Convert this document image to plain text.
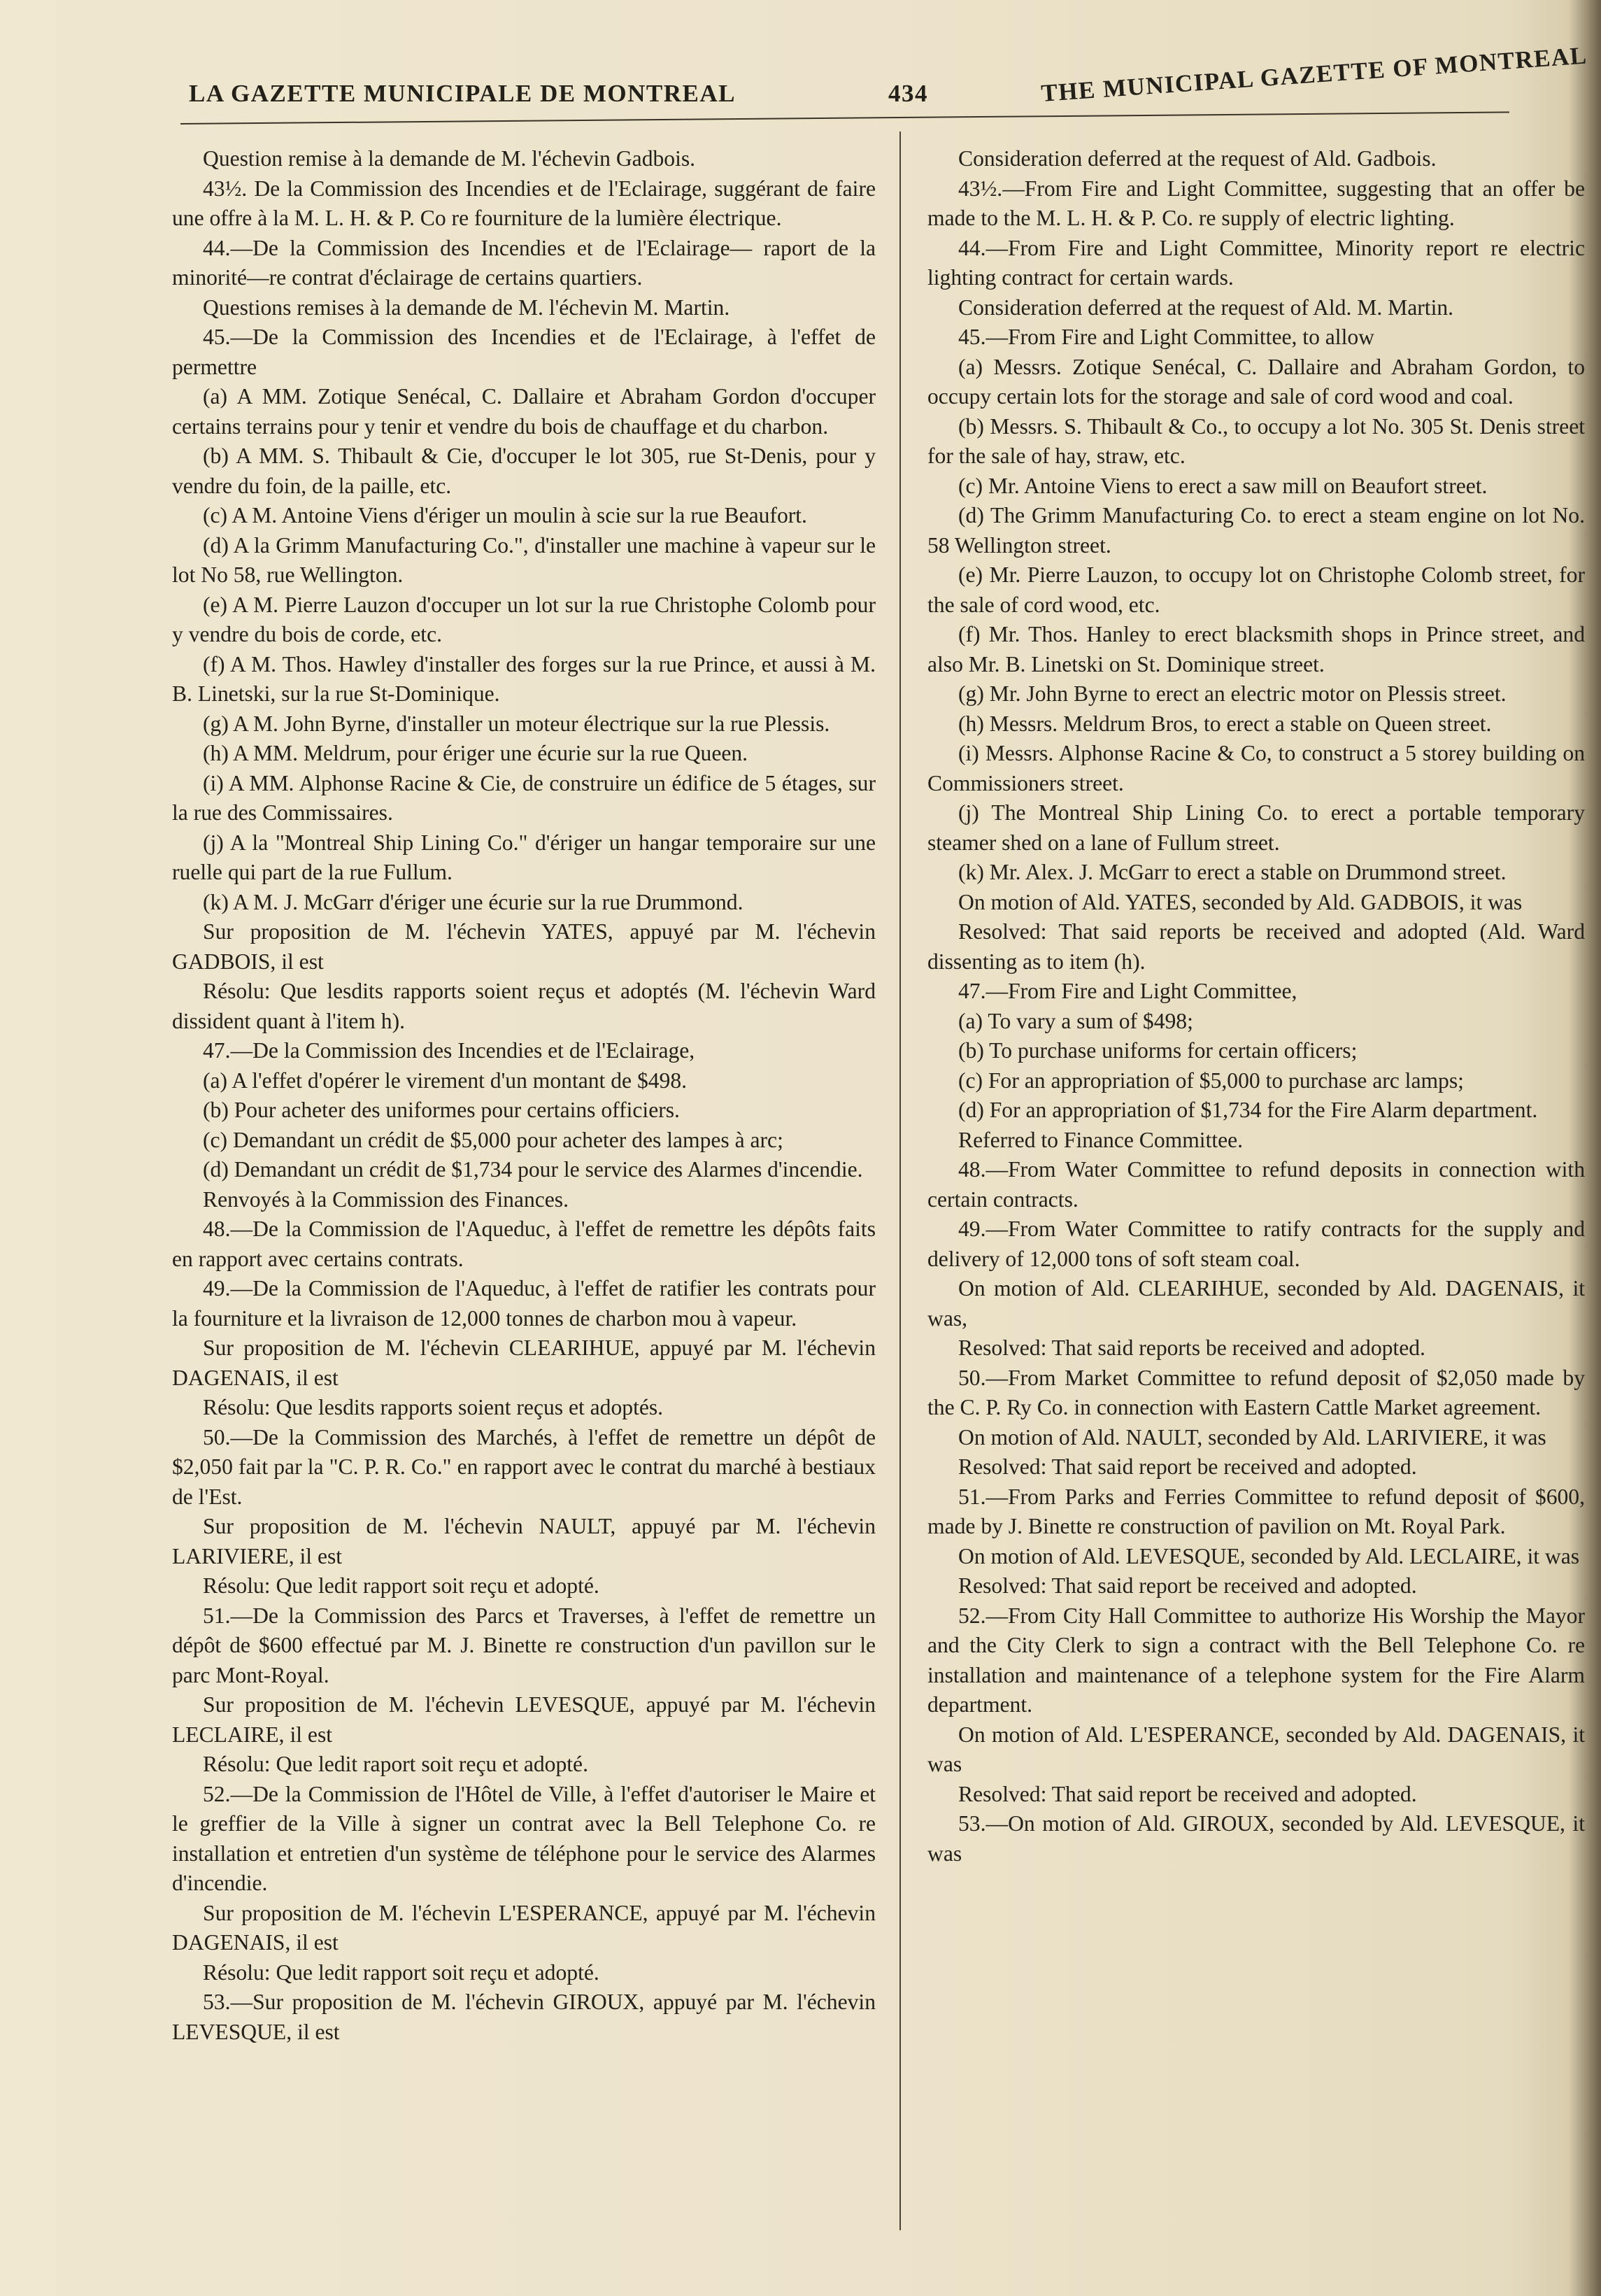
LA GAZETTE MUNICIPALE DE MONTREAL	434	THE MUNICIPAL GAZETTE OF MONTREAL

Question remise à la demande de M. l'échevin Gadbois.

43½. De la Commission des Incendies et de l'Eclairage, suggérant de faire une offre à la M. L. H. & P. Co re fourniture de la lumière électrique.

44.—De la Commission des Incendies et de l'Eclairage— raport de la minorité—re contrat d'éclairage de certains quartiers.

Questions remises à la demande de M. l'échevin M. Martin.

45.—De la Commission des Incendies et de l'Eclairage, à l'effet de permettre

(a) A MM. Zotique Senécal, C. Dallaire et Abraham Gordon d'occuper certains terrains pour y tenir et vendre du bois de chauffage et du charbon.

(b) A MM. S. Thibault & Cie, d'occuper le lot 305, rue St-Denis, pour y vendre du foin, de la paille, etc.

(c) A M. Antoine Viens d'ériger un moulin à scie sur la rue Beaufort.

(d) A la Grimm Manufacturing Co.", d'installer une machine à vapeur sur le lot No 58, rue Wellington.

(e) A M. Pierre Lauzon d'occuper un lot sur la rue Christophe Colomb pour y vendre du bois de corde, etc.

(f) A M. Thos. Hawley d'installer des forges sur la rue Prince, et aussi à M. B. Linetski, sur la rue St-Dominique.

(g) A M. John Byrne, d'installer un moteur électrique sur la rue Plessis.

(h) A MM. Meldrum, pour ériger une écurie sur la rue Queen.

(i) A MM. Alphonse Racine & Cie, de construire un édifice de 5 étages, sur la rue des Commissaires.

(j) A la "Montreal Ship Lining Co." d'ériger un hangar temporaire sur une ruelle qui part de la rue Fullum.

(k) A M. J. McGarr d'ériger une écurie sur la rue Drummond.

Sur proposition de M. l'échevin YATES, appuyé par M. l'échevin GADBOIS, il est

Résolu: Que lesdits rapports soient reçus et adoptés (M. l'échevin Ward dissident quant à l'item h).

47.—De la Commission des Incendies et de l'Eclairage,

(a) A l'effet d'opérer le virement d'un montant de $498.

(b) Pour acheter des uniformes pour certains officiers.

(c) Demandant un crédit de $5,000 pour acheter des lampes à arc;

(d) Demandant un crédit de $1,734 pour le service des Alarmes d'incendie.

Renvoyés à la Commission des Finances.

48.—De la Commission de l'Aqueduc, à l'effet de remettre les dépôts faits en rapport avec certains contrats.

49.—De la Commission de l'Aqueduc, à l'effet de ratifier les contrats pour la fourniture et la livraison de 12,000 tonnes de charbon mou à vapeur.

Sur proposition de M. l'échevin CLEARIHUE, appuyé par M. l'échevin DAGENAIS, il est

Résolu: Que lesdits rapports soient reçus et adoptés.

50.—De la Commission des Marchés, à l'effet de remettre un dépôt de $2,050 fait par la "C. P. R. Co." en rapport avec le contrat du marché à bestiaux de l'Est.

Sur proposition de M. l'échevin NAULT, appuyé par M. l'échevin LARIVIERE, il est

Résolu: Que ledit rapport soit reçu et adopté.

51.—De la Commission des Parcs et Traverses, à l'effet de remettre un dépôt de $600 effectué par M. J. Binette re construction d'un pavillon sur le parc Mont-Royal.

Sur proposition de M. l'échevin LEVESQUE, appuyé par M. l'échevin LECLAIRE, il est

Résolu: Que ledit raport soit reçu et adopté.

52.—De la Commission de l'Hôtel de Ville, à l'effet d'autoriser le Maire et le greffier de la Ville à signer un contrat avec la Bell Telephone Co. re installation et entretien d'un système de téléphone pour le service des Alarmes d'incendie.

Sur proposition de M. l'échevin L'ESPERANCE, appuyé par M. l'échevin DAGENAIS, il est

Résolu: Que ledit rapport soit reçu et adopté.

53.—Sur proposition de M. l'échevin GIROUX, appuyé par M. l'échevin LEVESQUE, il est

Consideration deferred at the request of Ald. Gadbois.

43½.—From Fire and Light Committee, suggesting that an offer be made to the M. L. H. & P. Co. re supply of electric lighting.

44.—From Fire and Light Committee, Minority report re electric lighting contract for certain wards.

Consideration deferred at the request of Ald. M. Martin.

45.—From Fire and Light Committee, to allow

(a) Messrs. Zotique Senécal, C. Dallaire and Abraham Gordon, to occupy certain lots for the storage and sale of cord wood and coal.

(b) Messrs. S. Thibault & Co., to occupy a lot No. 305 St. Denis street for the sale of hay, straw, etc.

(c) Mr. Antoine Viens to erect a saw mill on Beaufort street.

(d) The Grimm Manufacturing Co. to erect a steam engine on lot No. 58 Wellington street.

(e) Mr. Pierre Lauzon, to occupy lot on Christophe Colomb street, for the sale of cord wood, etc.

(f) Mr. Thos. Hanley to erect blacksmith shops in Prince street, and also Mr. B. Linetski on St. Dominique street.

(g) Mr. John Byrne to erect an electric motor on Plessis street.

(h) Messrs. Meldrum Bros, to erect a stable on Queen street.

(i) Messrs. Alphonse Racine & Co, to construct a 5 storey building on Commissioners street.

(j) The Montreal Ship Lining Co. to erect a portable temporary steamer shed on a lane of Fullum street.

(k) Mr. Alex. J. McGarr to erect a stable on Drummond street.

On motion of Ald. YATES, seconded by Ald. GADBOIS, it was

Resolved: That said reports be received and adopted (Ald. Ward dissenting as to item (h).

47.—From Fire and Light Committee,

(a) To vary a sum of $498;

(b) To purchase uniforms for certain officers;

(c) For an appropriation of $5,000 to purchase arc lamps;

(d) For an appropriation of $1,734 for the Fire Alarm department.

Referred to Finance Committee.

48.—From Water Committee to refund deposits in connection with certain contracts.

49.—From Water Committee to ratify contracts for the supply and delivery of 12,000 tons of soft steam coal.

On motion of Ald. CLEARIHUE, seconded by Ald. DAGENAIS, it was,

Resolved: That said reports be received and adopted.

50.—From Market Committee to refund deposit of $2,050 made by the C. P. Ry Co. in connection with Eastern Cattle Market agreement.

On motion of Ald. NAULT, seconded by Ald. LARIVIERE, it was

Resolved: That said report be received and adopted.

51.—From Parks and Ferries Committee to refund deposit of $600, made by J. Binette re construction of pavilion on Mt. Royal Park.

On motion of Ald. LEVESQUE, seconded by Ald. LECLAIRE, it was

Resolved: That said report be received and adopted.

52.—From City Hall Committee to authorize His Worship the Mayor and the City Clerk to sign a contract with the Bell Telephone Co. re installation and maintenance of a telephone system for the Fire Alarm department.

On motion of Ald. L'ESPERANCE, seconded by Ald. DAGENAIS, it was

Resolved: That said report be received and adopted.

53.—On motion of Ald. GIROUX, seconded by Ald. LEVESQUE, it was
